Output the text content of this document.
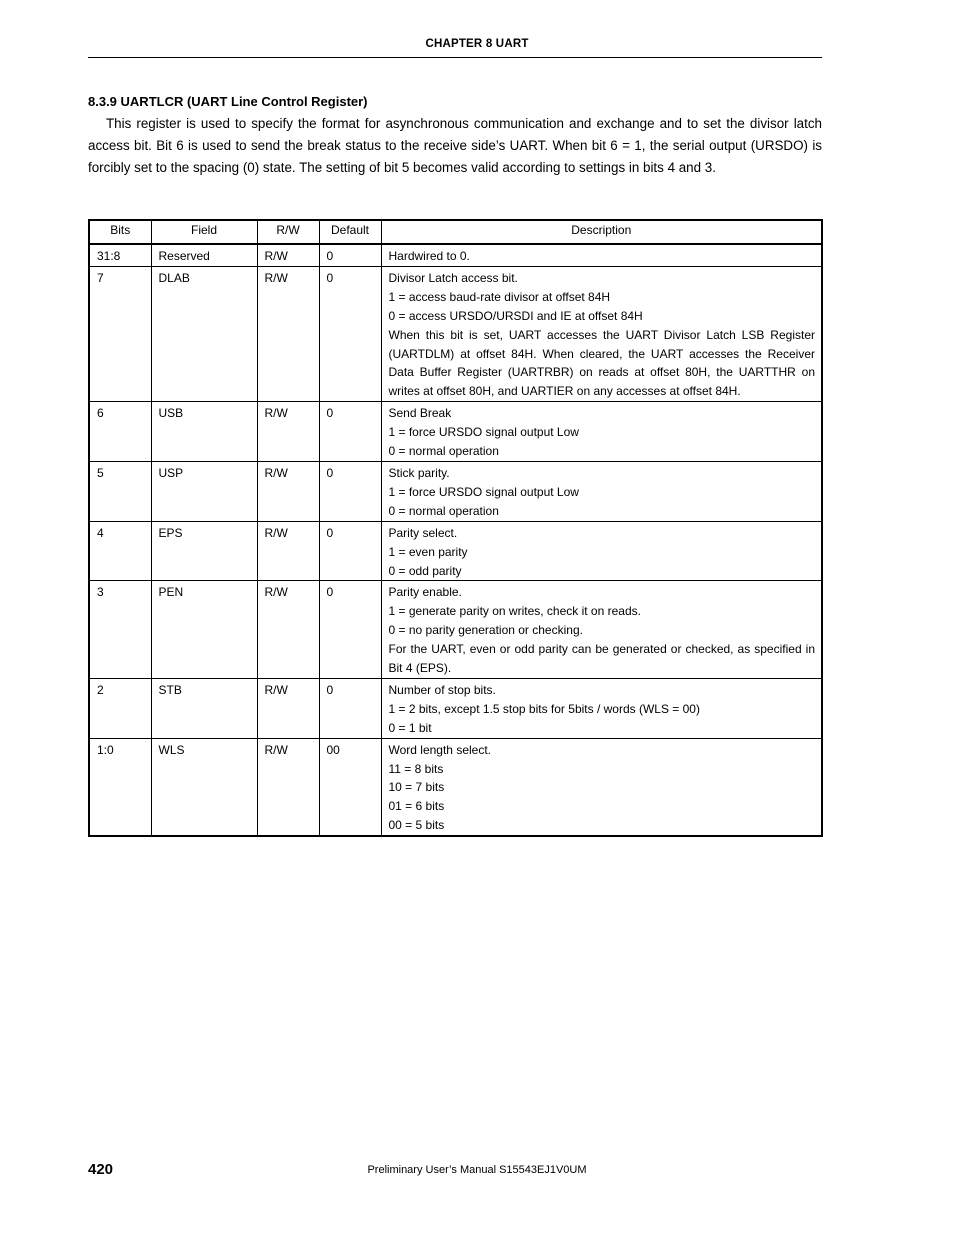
CHAPTER 8 UART
8.3.9 UARTLCR (UART Line Control Register)

This register is used to specify the format for asynchronous communication and exchange and to set the divisor latch access bit. Bit 6 is used to send the break status to the receive side’s UART. When bit 6 = 1, the serial output (URSDO) is forcibly set to the spacing (0) state. The setting of bit 5 becomes valid according to settings in bits 4 and 3.

Bits	Field	R/W	Default	Description
31:8	Reserved	R/W	0	Hardwired to 0.

7	DLAB	R/W	0	Divisor Latch access bit.
1 = access baud-rate divisor at offset 84H
0 = access URSDO/URSDI and IE at offset 84H
When this bit is set, UART accesses the UART Divisor Latch LSB Register (UARTDLM) at offset 84H. When cleared, the UART accesses the Receiver Data Buffer Register (UARTRBR) on reads at offset 80H, the UARTTHR on writes at offset 80H, and UARTIER on any accesses at offset 84H.

6	USB	R/W	0	Send Break
1 = force URSDO signal output Low
0 = normal operation

5	USP	R/W	0	Stick parity.
1 = force URSDO signal output Low
0 = normal operation

4	EPS	R/W	0	Parity select.
1 = even parity
0 = odd parity

3	PEN	R/W	0	Parity enable.
1 = generate parity on writes, check it on reads.
0 = no parity generation or checking.
For the UART, even or odd parity can be generated or checked, as specified in Bit 4 (EPS).

2	STB	R/W	0	Number of stop bits.
1 = 2 bits, except 1.5 stop bits for 5bits / words (WLS = 00)
0 = 1 bit

1:0	WLS	R/W	00	Word length select.
11 = 8 bits
10 = 7 bits
01 = 6 bits
00 = 5 bits
420	Preliminary User’s Manual S15543EJ1V0UM
